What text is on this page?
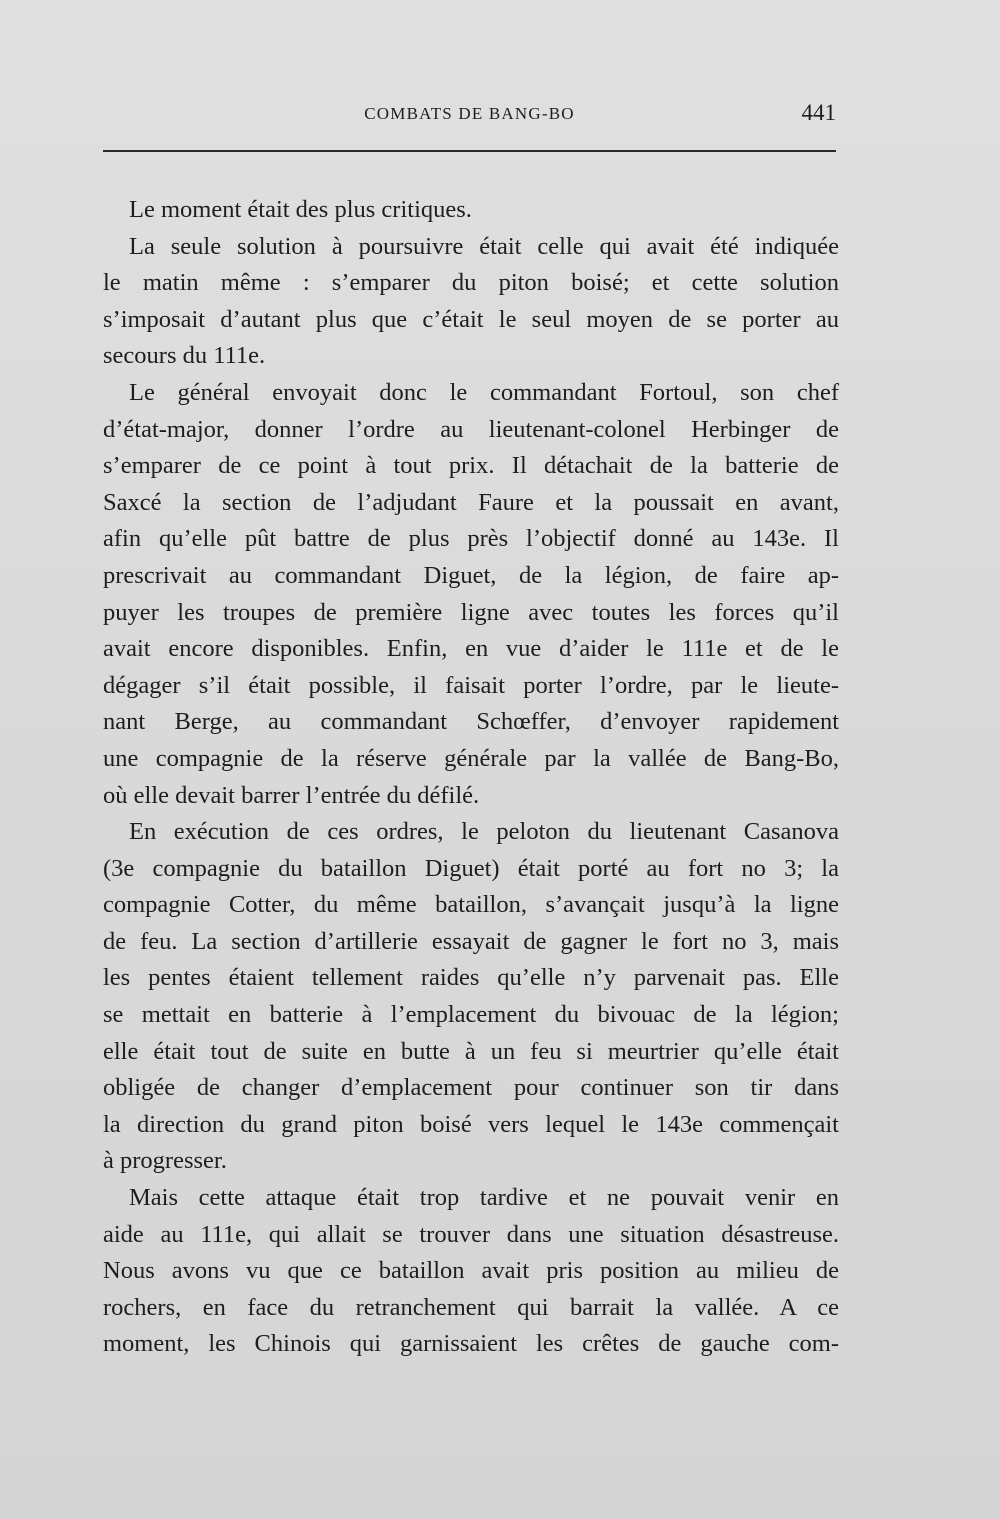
COMBATS DE BANG-BO	441
Le moment était des plus critiques.
La seule solution à poursuivre était celle qui avait été indiquée
le matin même : s’emparer du piton boisé; et cette solution
s’imposait d’autant plus que c’était le seul moyen de se porter au
secours du 111e.
Le général envoyait donc le commandant Fortoul, son chef
d’état-major, donner l’ordre au lieutenant-colonel Herbinger de
s’emparer de ce point à tout prix. Il détachait de la batterie de
Saxcé la section de l’adjudant Faure et la poussait en avant,
afin qu’elle pût battre de plus près l’objectif donné au 143e. Il
prescrivait au commandant Diguet, de la légion, de faire ap-
puyer les troupes de première ligne avec toutes les forces qu’il
avait encore disponibles. Enfin, en vue d’aider le 111e et de le
dégager s’il était possible, il faisait porter l’ordre, par le lieute-
nant Berge, au commandant Schœffer, d’envoyer rapidement
une compagnie de la réserve générale par la vallée de Bang-Bo,
où elle devait barrer l’entrée du défilé.
En exécution de ces ordres, le peloton du lieutenant Casanova
(3e compagnie du bataillon Diguet) était porté au fort no 3; la
compagnie Cotter, du même bataillon, s’avançait jusqu’à la ligne
de feu. La section d’artillerie essayait de gagner le fort no 3, mais
les pentes étaient tellement raides qu’elle n’y parvenait pas. Elle
se mettait en batterie à l’emplacement du bivouac de la légion;
elle était tout de suite en butte à un feu si meurtrier qu’elle était
obligée de changer d’emplacement pour continuer son tir dans
la direction du grand piton boisé vers lequel le 143e commençait
à progresser.
Mais cette attaque était trop tardive et ne pouvait venir en
aide au 111e, qui allait se trouver dans une situation désastreuse.
Nous avons vu que ce bataillon avait pris position au milieu de
rochers, en face du retranchement qui barrait la vallée. A ce
moment, les Chinois qui garnissaient les crêtes de gauche com-
